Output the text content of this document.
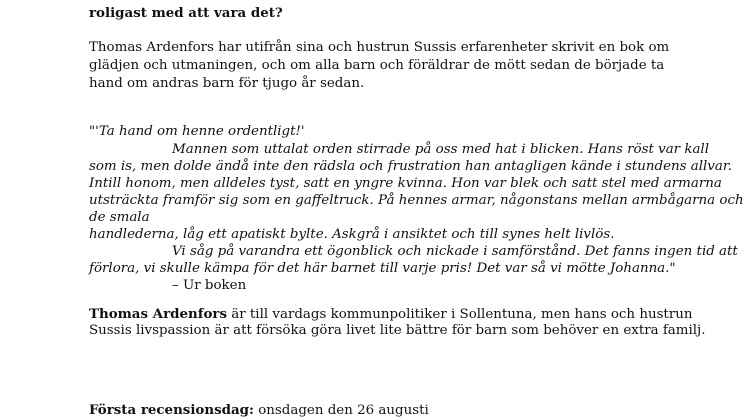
roligast med att vara det?
Thomas Ardenfors har utifrån sina och hustrun Sussis erfarenheter skrivit en bok om
glädjen och utmaningen, och om alla barn och föräldrar de mött sedan de började ta
hand om andras barn för tjugo år sedan.
"'Ta hand om henne ordentligt!'
Mannen som uttalat orden stirrade på oss med hat i blicken. Hans röst var kall
som is, men dolde ändå inte den rädsla och frustration han antagligen kände i stundens allvar.
Intill honom, men alldeles tyst, satt en yngre kvinna. Hon var blek och satt stel med armarna
utsträckta framför sig som en gaffeltruck. På hennes armar, någonstans mellan armbågarna och
de smala
handlederna, låg ett apatiskt bylte. Askgrå i ansiktet och till synes helt livlös.
Vi såg på varandra ett ögonblick och nickade i samförstånd. Det fanns ingen tid att
förlora, vi skulle kämpa för det här barnet till varje pris! Det var så vi mötte Johanna."
– Ur boken
Thomas Ardenfors är till vardags kommunpolitiker i Sollentuna, men hans och hustrun
Sussis livspassion är att försöka göra livet lite bättre för barn som behöver en extra familj.
Första recensionsdag: onsdagen den 26 augusti
